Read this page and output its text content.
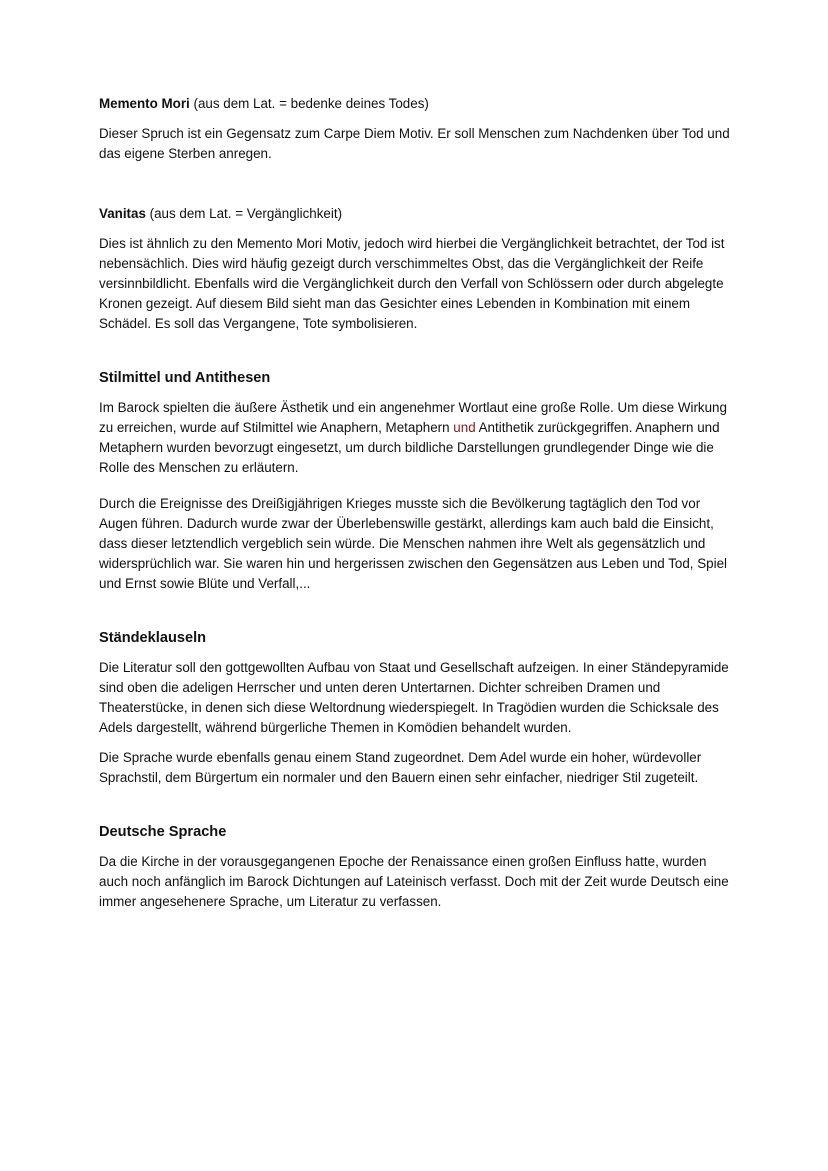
Memento Mori (aus dem Lat. = bedenke deines Todes)

Dieser Spruch ist ein Gegensatz zum Carpe Diem Motiv. Er soll Menschen zum Nachdenken über Tod und das eigene Sterben anregen.

Vanitas (aus dem Lat. = Vergänglichkeit)

Dies ist ähnlich zu den Memento Mori Motiv, jedoch wird hierbei die Vergänglichkeit betrachtet, der Tod ist nebensächlich. Dies wird häufig gezeigt durch verschimmeltes Obst, das die Vergänglichkeit der Reife versinnbildlicht. Ebenfalls wird die Vergänglichkeit durch den Verfall von Schlössern oder durch abgelegte Kronen gezeigt. Auf diesem Bild sieht man das Gesichter eines Lebenden in Kombination mit einem Schädel. Es soll das Vergangene, Tote symbolisieren.

Stilmittel und Antithesen

Im Barock spielten die äußere Ästhetik und ein angenehmer Wortlaut eine große Rolle. Um diese Wirkung zu erreichen, wurde auf Stilmittel wie Anaphern, Metaphern und Antithetik zurückgegriffen. Anaphern und Metaphern wurden bevorzugt eingesetzt, um durch bildliche Darstellungen grundlegender Dinge wie die Rolle des Menschen zu erläutern.

Durch die Ereignisse des Dreißigjährigen Krieges musste sich die Bevölkerung tagtäglich den Tod vor Augen führen. Dadurch wurde zwar der Überlebenswille gestärkt, allerdings kam auch bald die Einsicht, dass dieser letztendlich vergeblich sein würde. Die Menschen nahmen ihre Welt als gegensätzlich und widersprüchlich war. Sie waren hin und hergerissen zwischen den Gegensätzen aus Leben und Tod, Spiel und Ernst sowie Blüte und Verfall,...

Ständeklauseln

Die Literatur soll den gottgewollten Aufbau von Staat und Gesellschaft aufzeigen. In einer Ständepyramide sind oben die adeligen Herrscher und unten deren Untertarnen. Dichter schreiben Dramen und Theaterstücke, in denen sich diese Weltordnung wiederspiegelt. In Tragödien wurden die Schicksale des Adels dargestellt, während bürgerliche Themen in Komödien behandelt wurden.

Die Sprache wurde ebenfalls genau einem Stand zugeordnet. Dem Adel wurde ein hoher, würdevoller Sprachstil, dem Bürgertum ein normaler und den Bauern einen sehr einfacher, niedriger Stil zugeteilt.

Deutsche Sprache

Da die Kirche in der vorausgegangenen Epoche der Renaissance einen großen Einfluss hatte, wurden auch noch anfänglich im Barock Dichtungen auf Lateinisch verfasst. Doch mit der Zeit wurde Deutsch eine immer angesehenere Sprache, um Literatur zu verfassen.
